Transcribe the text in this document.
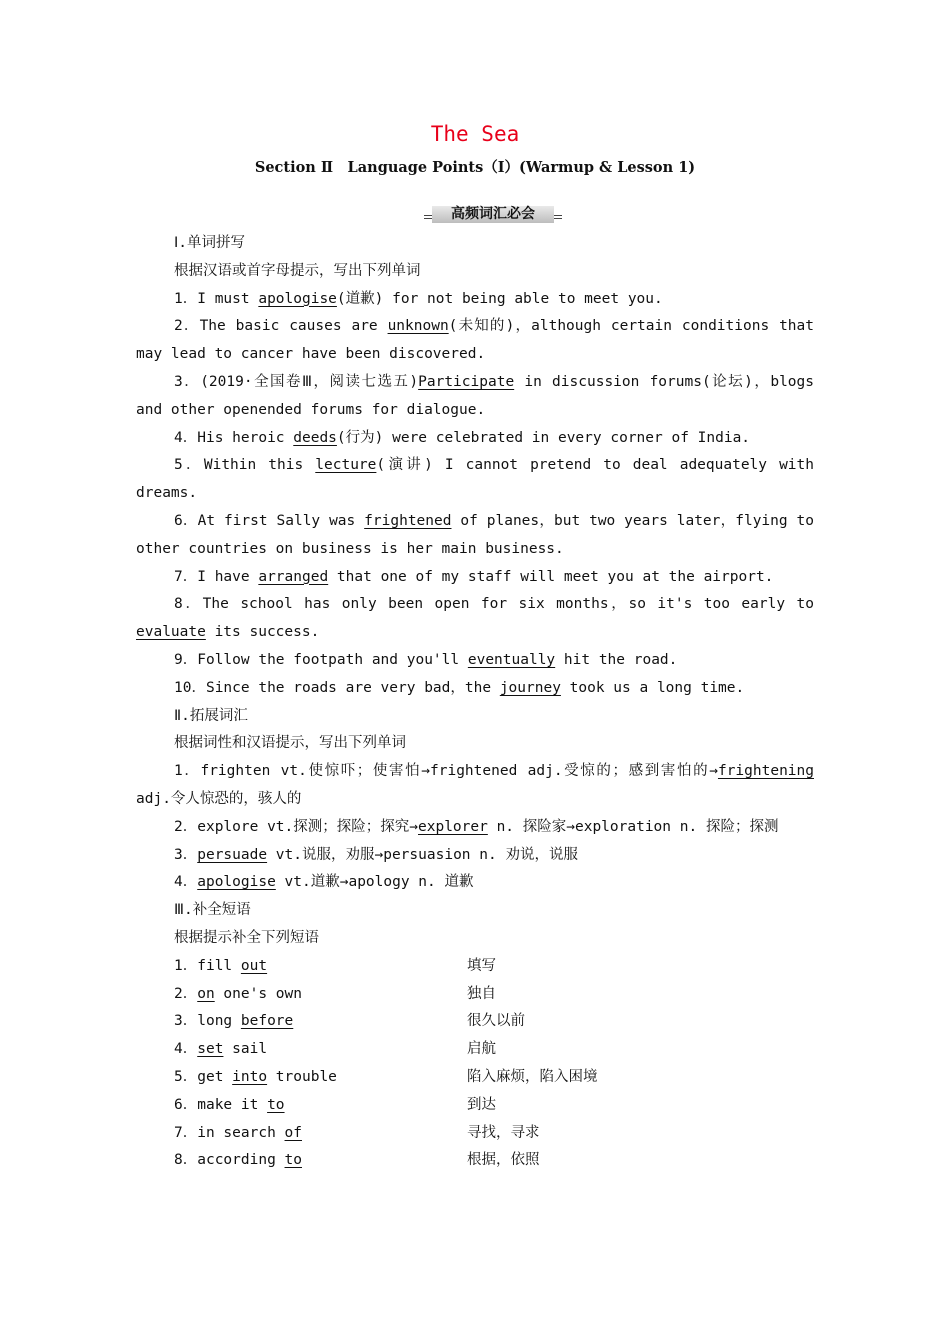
The Sea
Section Ⅱ　Language Points（Ⅰ）(Warmup & Lesson 1)
高频词汇必会

Ⅰ.单词拼写

根据汉语或首字母提示，写出下列单词

1．I must apologise(道歉) for not being able to meet you.

2．The basic causes are unknown(未知的)，although certain conditions that may lead to cancer have been discovered.

3．(2019·全国卷Ⅲ，阅读七选五)Participate in discussion forums(论坛)，blogs and other openended forums for dialogue.

4．His heroic deeds(行为) were celebrated in every corner of India.

5．Within this lecture(演讲) I cannot pretend to deal adequately with dreams.

6．At first Sally was frightened of planes，but two years later，flying to other countries on business is her main business.

7．I have arranged that one of my staff will meet you at the airport.

8．The school has only been open for six months，so it's too early to evaluate its success.

9．Follow the footpath and you'll eventually hit the road.

10．Since the roads are very bad，the journey took us a long time.

Ⅱ.拓展词汇

根据词性和汉语提示，写出下列单词

1．frighten vt.使惊吓；使害怕→frightened adj.受惊的；感到害怕的→frightening adj.令人惊恐的，骇人的

2．explore vt.探测；探险；探究→explorer n. 探险家→exploration n. 探险；探测

3．persuade vt.说服，劝服→persuasion n. 劝说，说服

4．apologise vt.道歉→apology n. 道歉

Ⅲ.补全短语

根据提示补全下列短语

1．fill out	填写
2．on one's own	独自
3．long before	很久以前
4．set sail	启航
5．get into trouble	陷入麻烦，陷入困境
6．make it to	到达
7．in search of	寻找，寻求
8．according to	根据，依照
